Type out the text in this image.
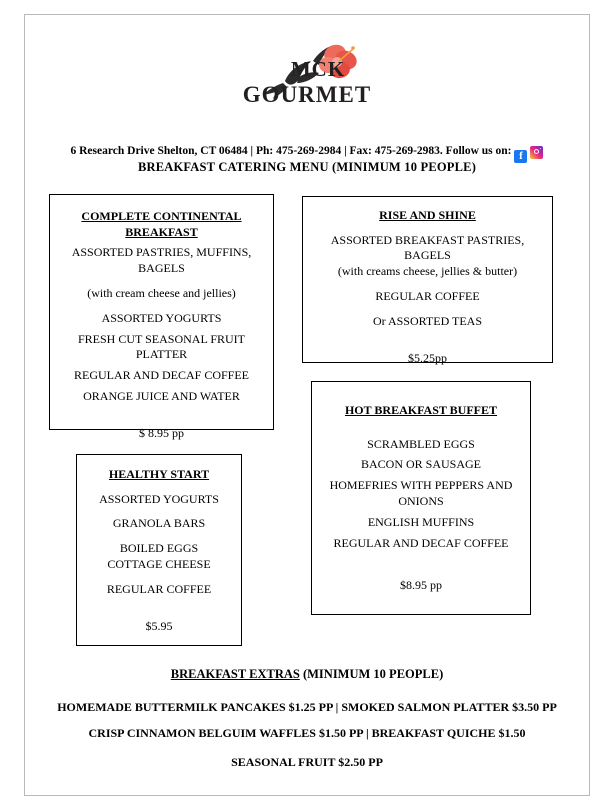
MCK
GOURMET
6 Research Drive Shelton, CT 06484 | Ph: 475-269-2984 | Fax: 475-269-2983. Follow us on: f
BREAKFAST CATERING MENU (MINIMUM 10 PEOPLE)
COMPLETE CONTINENTAL
BREAKFAST

ASSORTED PASTRIES, MUFFINS,

BAGELS

(with cream cheese and jellies)

ASSORTED YOGURTS

FRESH CUT SEASONAL FRUIT

PLATTER

REGULAR AND DECAF COFFEE

ORANGE JUICE AND WATER

$ 8.95 pp

RISE AND SHINE

ASSORTED BREAKFAST PASTRIES,

BAGELS

(with creams cheese, jellies & butter)

REGULAR COFFEE

Or ASSORTED TEAS

$5.25pp

HOT BREAKFAST BUFFET

SCRAMBLED EGGS

BACON OR SAUSAGE

HOMEFRIES WITH PEPPERS AND

ONIONS

ENGLISH MUFFINS

REGULAR AND DECAF COFFEE

$8.95 pp

HEALTHY START

ASSORTED YOGURTS

GRANOLA BARS

BOILED EGGS

COTTAGE CHEESE

REGULAR COFFEE

$5.95

BREAKFAST EXTRAS (MINIMUM 10 PEOPLE)
HOMEMADE BUTTERMILK PANCAKES $1.25 PP | SMOKED SALMON PLATTER $3.50 PP
CRISP CINNAMON BELGUIM WAFFLES $1.50 PP | BREAKFAST QUICHE $1.50
SEASONAL FRUIT $2.50 PP
